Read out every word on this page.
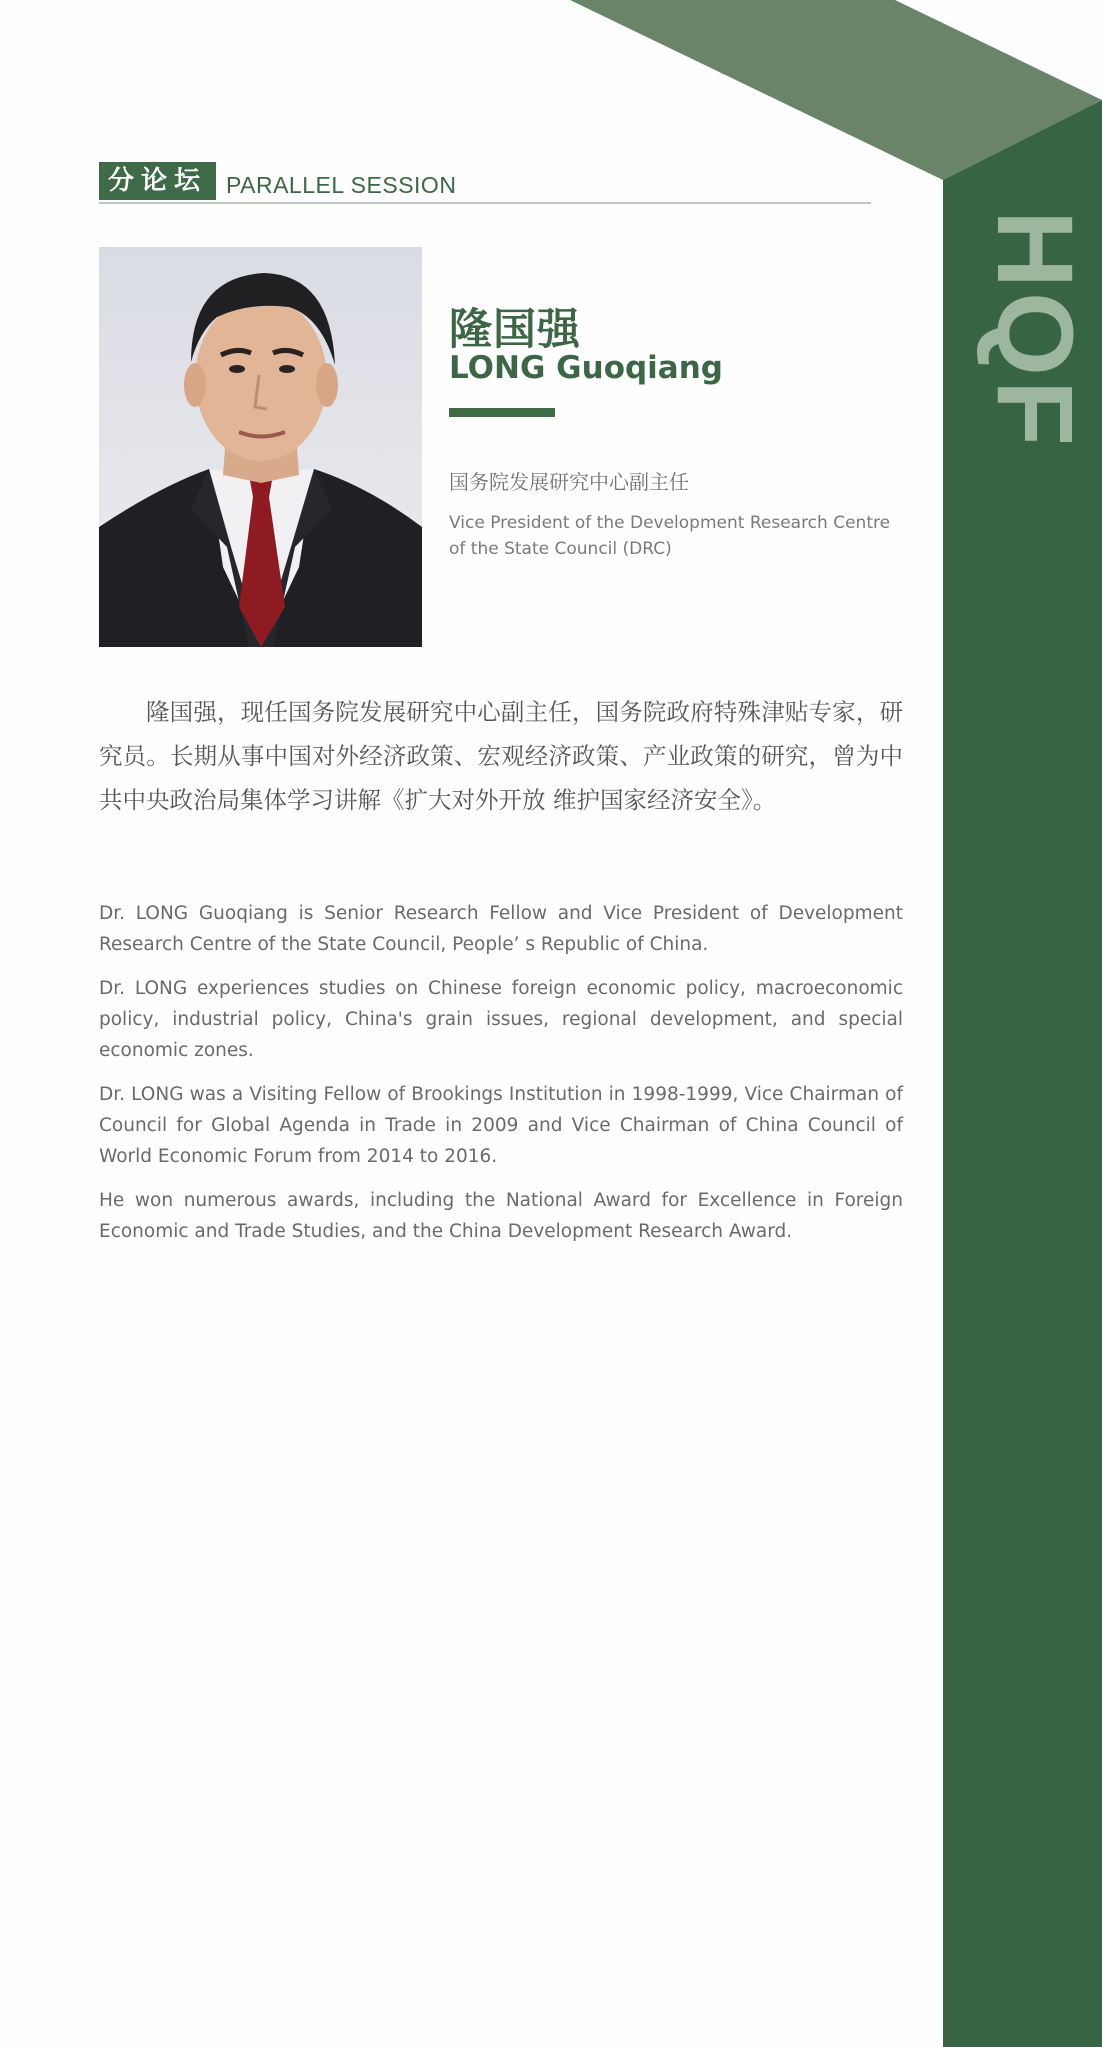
HQF
分论坛 PARALLEL SESSION
隆国强
LONG Guoqiang
国务院发展研究中心副主任
Vice President of the Development Research Centre of the State Council (DRC)

隆国强，现任国务院发展研究中心副主任，国务院政府特殊津贴专家，研究员。长期从事中国对外经济政策、宏观经济政策、产业政策的研究，曾为中共中央政治局集体学习讲解《扩大对外开放 维护国家经济安全》。

Dr. LONG Guoqiang is Senior Research Fellow and Vice President of Development Research Centre of the State Council, People’ s Republic of China.

Dr. LONG experiences studies on Chinese foreign economic policy, macroeconomic policy, industrial policy, China's grain issues, regional development, and special economic zones.

Dr. LONG was a Visiting Fellow of Brookings Institution in 1998-1999, Vice Chairman of Council for Global Agenda in Trade in 2009 and Vice Chairman of China Council of World Economic Forum from 2014 to 2016.

He won numerous awards, including the National Award for Excellence in Foreign Economic and Trade Studies, and the China Development Research Award.
